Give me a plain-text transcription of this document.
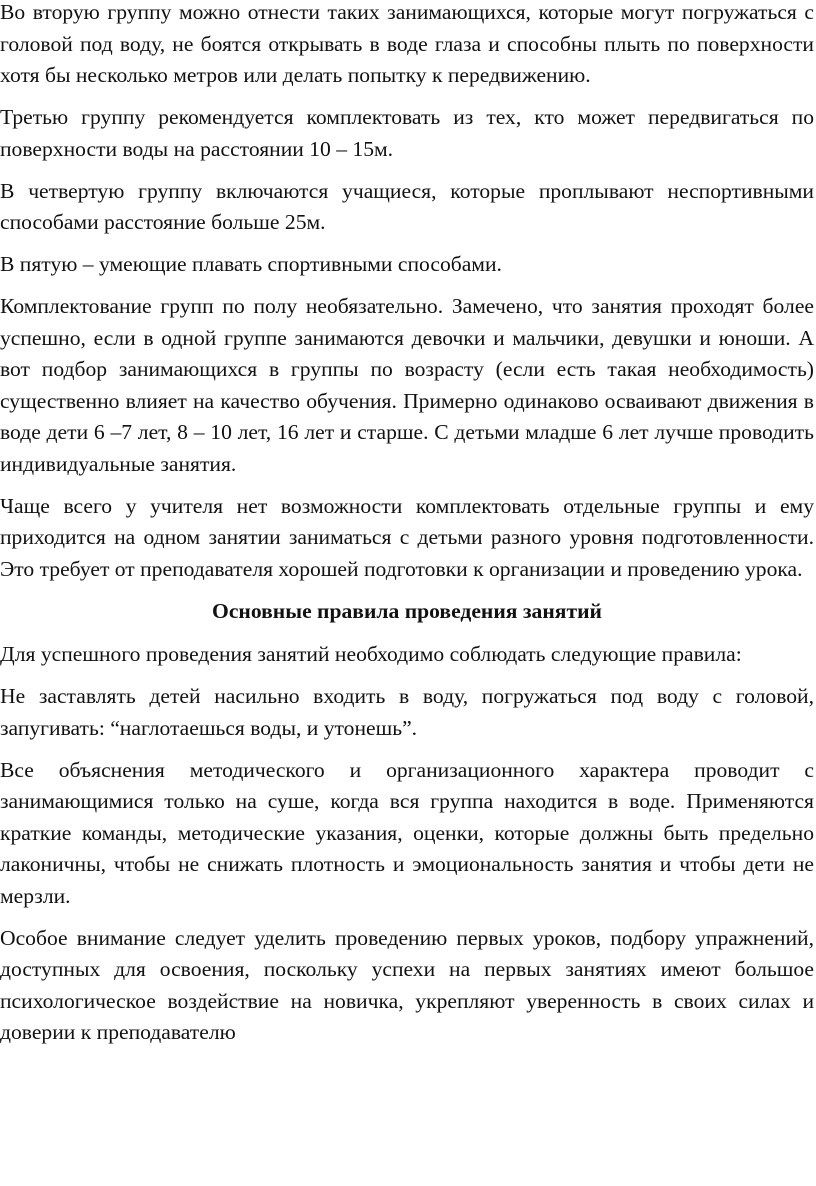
Во вторую группу можно отнести таких занимающихся, которые могут погружаться с головой под воду, не боятся открывать в воде глаза и способны плыть по поверхности хотя бы несколько метров или делать попытку к передвижению.

Третью группу рекомендуется комплектовать из тех, кто может передвигаться по поверхности воды на расстоянии 10 – 15м.

В четвертую группу включаются учащиеся, которые проплывают неспортивными способами расстояние больше 25м.

В пятую – умеющие плавать спортивными способами.

Комплектование групп по полу необязательно. Замечено, что занятия проходят более успешно, если в одной группе занимаются девочки и мальчики, девушки и юноши. А вот подбор занимающихся в группы по возрасту (если есть такая необходимость) существенно влияет на качество обучения. Примерно одинаково осваивают движения в воде дети 6 –7 лет, 8 – 10 лет, 16 лет и старше. С детьми младше 6 лет лучше проводить индивидуальные занятия.

Чаще всего у учителя нет возможности комплектовать отдельные группы и ему приходится на одном занятии заниматься с детьми разного уровня подготовленности. Это требует от преподавателя хорошей подготовки к организации и проведению урока.

Основные правила проведения занятий

Для успешного проведения занятий необходимо соблюдать следующие правила:

Не заставлять детей насильно входить в воду, погружаться под воду с головой, запугивать: “наглотаешься воды, и утонешь”.

Все объяснения методического и организационного характера проводит с занимающимися только на суше, когда вся группа находится в воде. Применяются краткие команды, методические указания, оценки, которые должны быть предельно лаконичны, чтобы не снижать плотность и эмоциональность занятия и чтобы дети не мерзли.

Особое внимание следует уделить проведению первых уроков, подбору упражнений, доступных для освоения, поскольку успехи на первых занятиях имеют большое психологическое воздействие на новичка, укрепляют уверенность в своих силах и доверии к преподавателю
